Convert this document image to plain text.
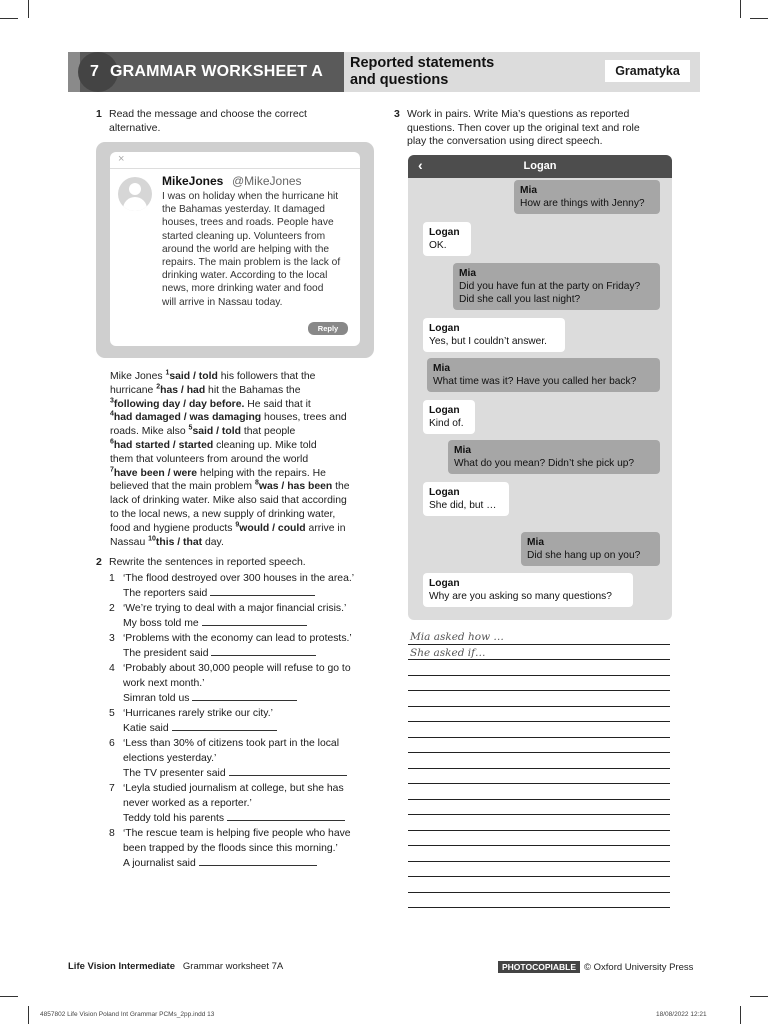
7 GRAMMAR WORKSHEET A Reported statements
and questions
Gramatyka
1 Read the message and choose the correct
alternative.
×
MikeJones @MikeJones
I was on holiday when the hurricane hit
the Bahamas yesterday. It damaged
houses, trees and roads. People have
started cleaning up. Volunteers from
around the world are helping with the
repairs. The main problem is the lack of
drinking water. According to the local
news, more drinking water and food
will arrive in Nassau today.
Reply
Mike Jones $^1$said / told his followers that the
hurricane $^2$has / had hit the Bahamas the
$^3$following day / day before. He said that it
$^4$had damaged / was damaging houses, trees and
roads. Mike also $^5$said / told that people
$^6$had started / started cleaning up. Mike told
them that volunteers from around the world
$^7$have been / were helping with the repairs. He
believed that the main problem $^8$was / has been the
lack of drinking water. Mike also said that according
to the local news, a new supply of drinking water,
food and hygiene products $^9$would / could arrive in
Nassau $^{10}$this / that day.
2 Rewrite the sentences in reported speech.
1 ‘The flood destroyed over 300 houses in the area.’
The reporters said
2 ‘We’re trying to deal with a major financial crisis.’
My boss told me
3 ‘Problems with the economy can lead to protests.’
The president said
4 ‘Probably about 30,000 people will refuse to go to
work next month.’
Simran told us
5 ‘Hurricanes rarely strike our city.’
Katie said
6 ‘Less than 30% of citizens took part in the local
elections yesterday.’
The TV presenter said
7 ‘Leyla studied journalism at college, but she has
never worked as a reporter.’
Teddy told his parents
8 ‘The rescue team is helping five people who have
been trapped by the floods since this morning.’
A journalist said
3 Work in pairs. Write Mia’s questions as reported
questions. Then cover up the original text and role
play the conversation using direct speech.
‹	Logan
Mia
How are things with Jenny?
Logan
OK.
Mia
Did you have fun at the party on Friday?
Did she call you last night?
Logan
Yes, but I couldn’t answer.
Mia
What time was it? Have you called her back?
Logan
Kind of.
Mia
What do you mean? Didn’t she pick up?
Logan
She did, but …
Mia
Did she hang up on you?
Logan
Why are you asking so many questions?
Mia asked how …
She asked if…
Life Vision Intermediate Grammar worksheet 7A	PHOTOCOPIABLE © Oxford University Press
4857802 Life Vision Poland Int Grammar PCMs_2pp.indd 13	18/08/2022 12:21
